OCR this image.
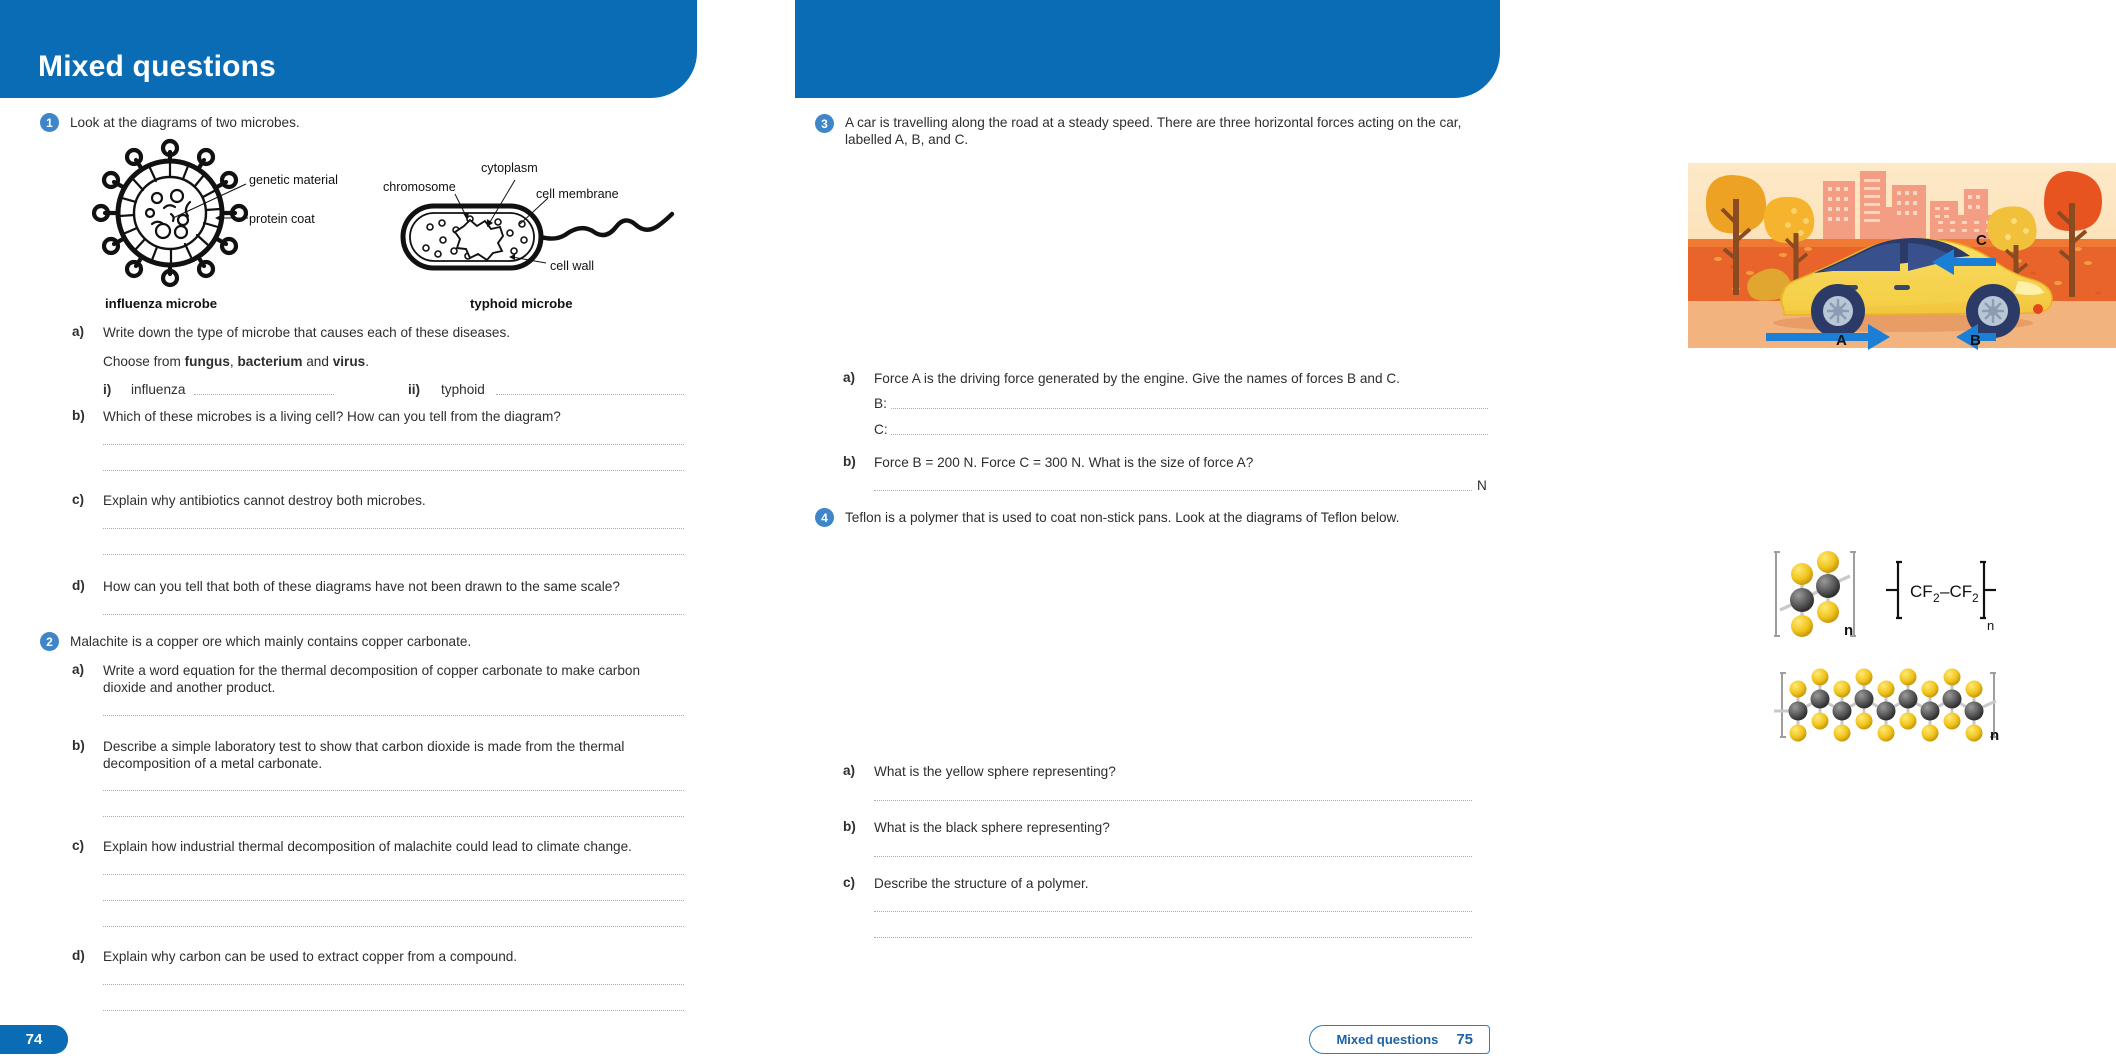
Mixed questions
1	Look at the diagrams of two microbes.
genetic material
protein coat
influenza microbe
cytoplasm
chromosome	cell membrane
cell wall
typhoid microbe
a) Write down the type of microbe that causes each of these diseases.
Choose from fungus, bacterium and virus.
i) influenza	ii) typhoid
b) Which of these microbes is a living cell? How can you tell from the diagram?
c) Explain why antibiotics cannot destroy both microbes.
d) How can you tell that both of these diagrams have not been drawn to the same scale?
2	Malachite is a copper ore which mainly contains copper carbonate.
a) Write a word equation for the thermal decomposition of copper carbonate to make carbon dioxide and another product.
b) Describe a simple laboratory test to show that carbon dioxide is made from the thermal decomposition of a metal carbonate.
c) Explain how industrial thermal decomposition of malachite could lead to climate change.
d) Explain why carbon can be used to extract copper from a compound.
74
Mixed questions
3	A car is travelling along the road at a steady speed. There are three horizontal forces acting on the car, labelled A, B, and C.
A	B
C
a) Force A is the driving force generated by the engine. Give the names of forces B and C.
B:
C:
b) Force B = 200 N. Force C = 300 N. What is the size of force A?
N
4	Teflon is a polymer that is used to coat non-stick pans. Look at the diagrams of Teflon below.
CF 2 –CF 2
n
n
n
a) What is the yellow sphere representing?
b) What is the black sphere representing?
c) Describe the structure of a polymer.
Mixed questions 75
